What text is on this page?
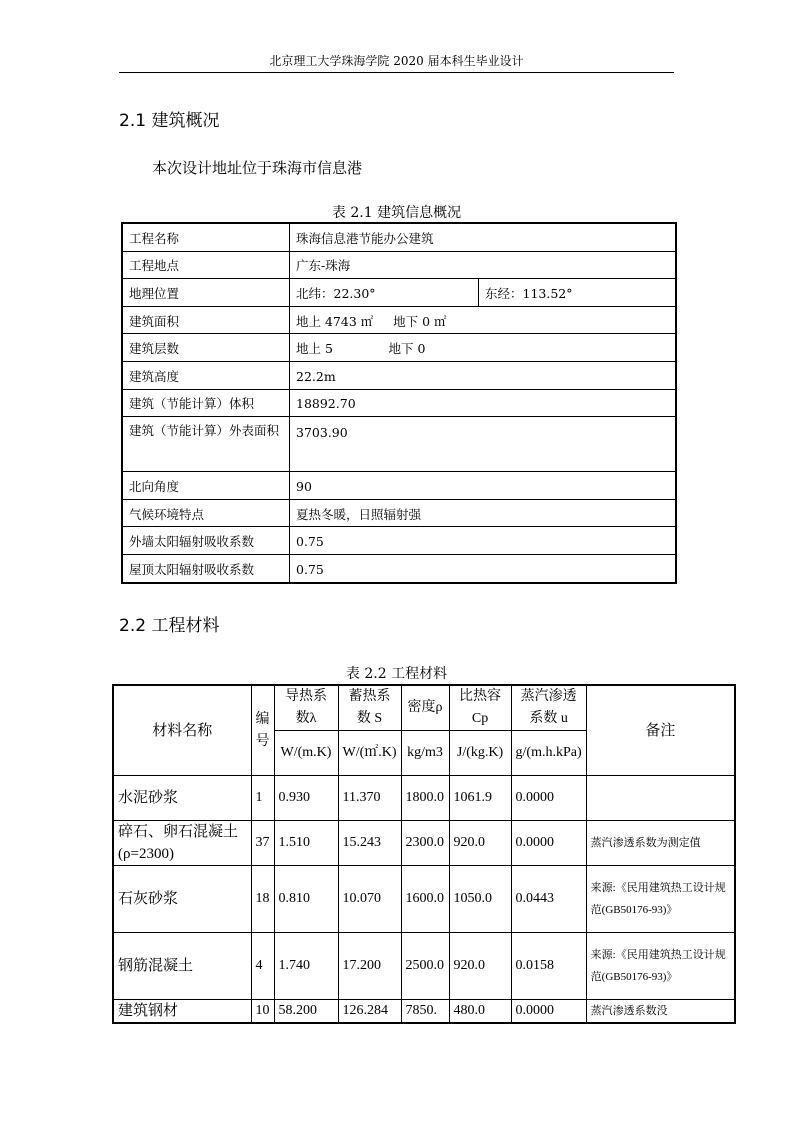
北京理工大学珠海学院 2020 届本科生毕业设计
2.1 建筑概况
本次设计地址位于珠海市信息港
表 2.1 建筑信息概况
工程名称	珠海信息港节能办公建筑	
工程地点	广东-珠海	
地理位置	北纬：22.30°	东经：113.52°
建筑面积	地上 4743 ㎡     地下 0 ㎡	
建筑层数	地上 5              地下 0	
建筑高度	22.2m	
建筑（节能计算）体积	18892.70	
建筑（节能计算）外表面积	3703.90	
北向角度	90	
气候环境特点	夏热冬暖，日照辐射强	
外墙太阳辐射吸收系数	0.75	
屋顶太阳辐射吸收系数	0.75	
2.2 工程材料
表 2.2 工程材料
材料名称	编号	导热系数λ	蓄热系数 S	密度ρ	比热容 Cp	蒸汽渗透系数 u	备注
		W/(m.K)	W/(㎡.K)	kg/m3	J/(kg.K)	g/(m.h.kPa)	
水泥砂浆	1	0.930	11.370	1800.0	1061.9	0.0000	
碎石、卵石混凝土(ρ=2300)	37	1.510	15.243	2300.0	920.0	0.0000	蒸汽渗透系数为测定值
石灰砂浆	18	0.810	10.070	1600.0	1050.0	0.0443	来源:《民用建筑热工设计规范(GB50176-93)》
钢筋混凝土	4	1.740	17.200	2500.0	920.0	0.0158	来源:《民用建筑热工设计规范(GB50176-93)》
建筑钢材	10	58.200	126.284	7850.	480.0	0.0000	蒸汽渗透系数没
